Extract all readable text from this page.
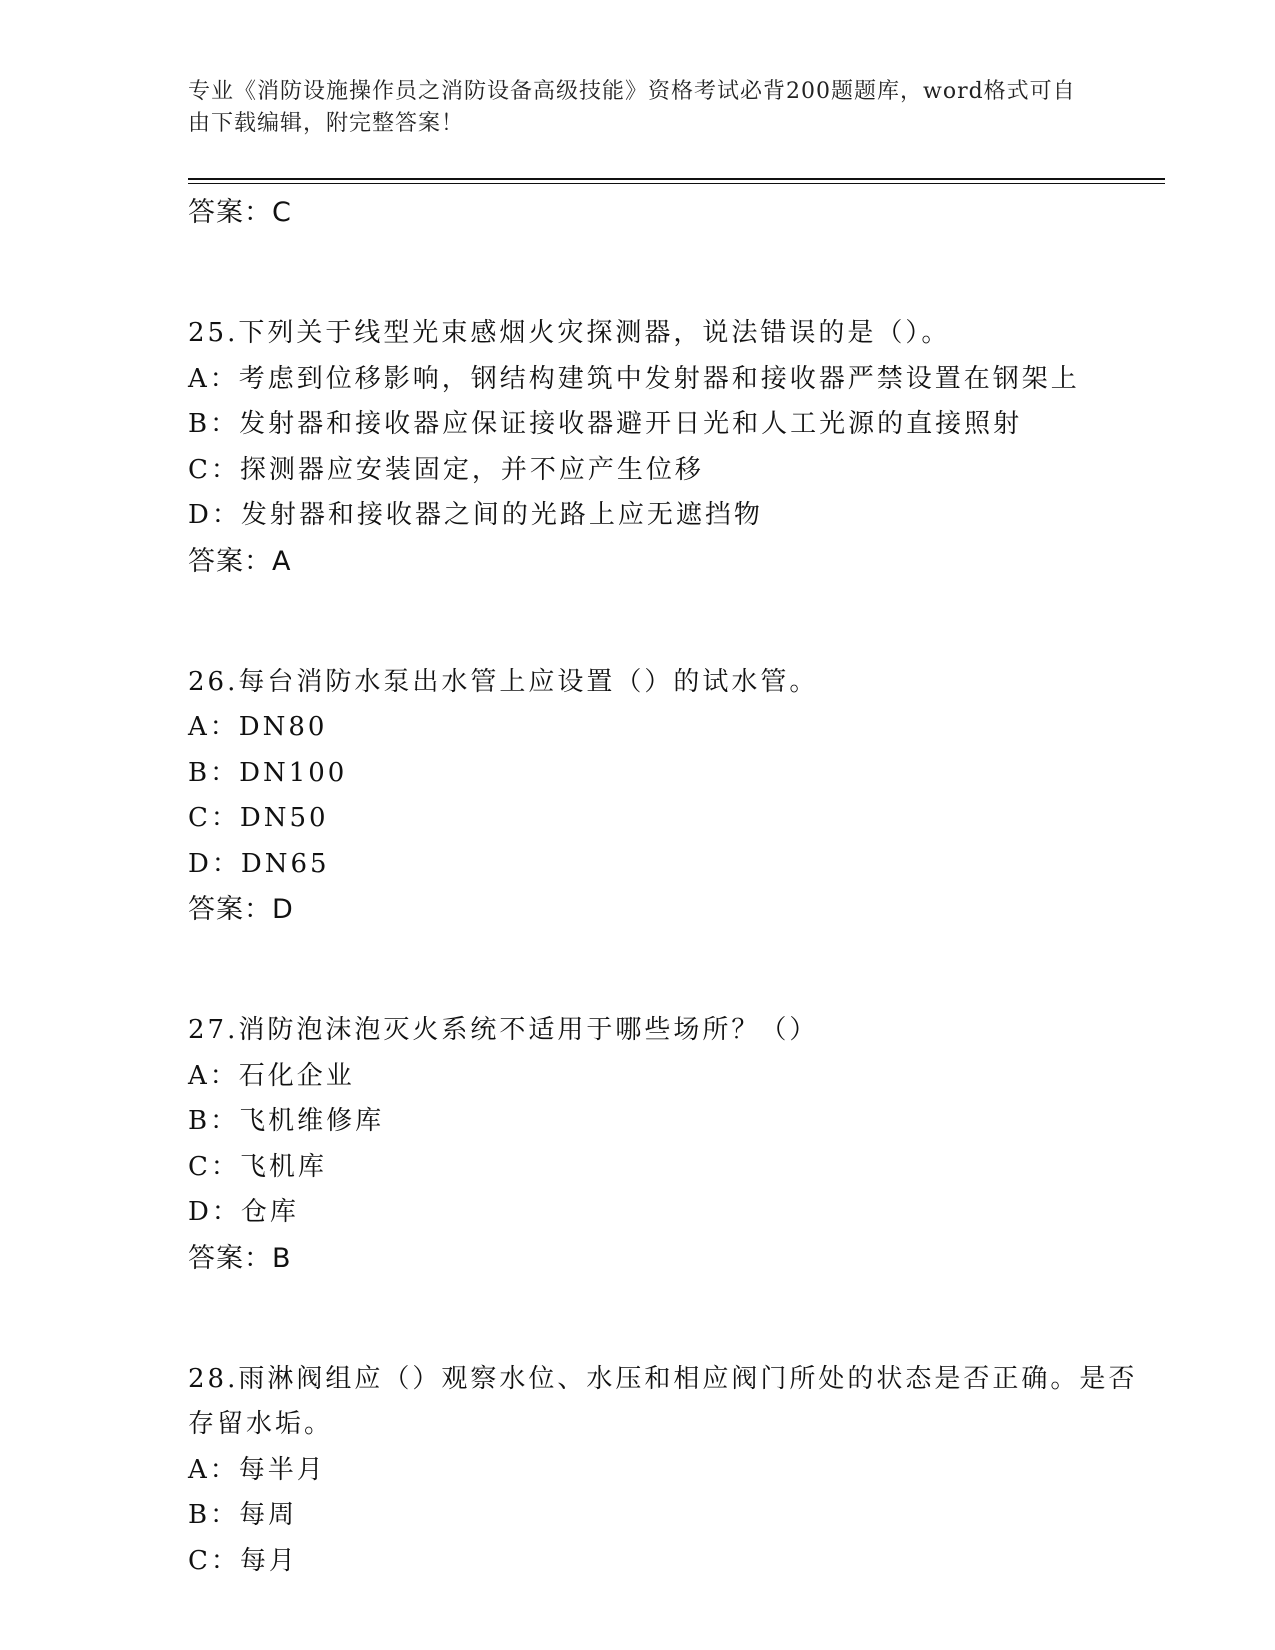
专业《消防设施操作员之消防设备高级技能》资格考试必背200题题库，word格式可自由下载编辑，附完整答案！
答案：C
25.下列关于线型光束感烟火灾探测器，说法错误的是（）。
A：考虑到位移影响，钢结构建筑中发射器和接收器严禁设置在钢架上
B：发射器和接收器应保证接收器避开日光和人工光源的直接照射
C：探测器应安装固定，并不应产生位移
D：发射器和接收器之间的光路上应无遮挡物
答案：A
26.每台消防水泵出水管上应设置（）的试水管。
A：DN80
B：DN100
C：DN50
D：DN65
答案：D
27.消防泡沫泡灭火系统不适用于哪些场所？（）
A：石化企业
B：飞机维修库
C：飞机库
D：仓库
答案：B
28.雨淋阀组应（）观察水位、水压和相应阀门所处的状态是否正确。是否存留水垢。
A：每半月
B：每周
C：每月
